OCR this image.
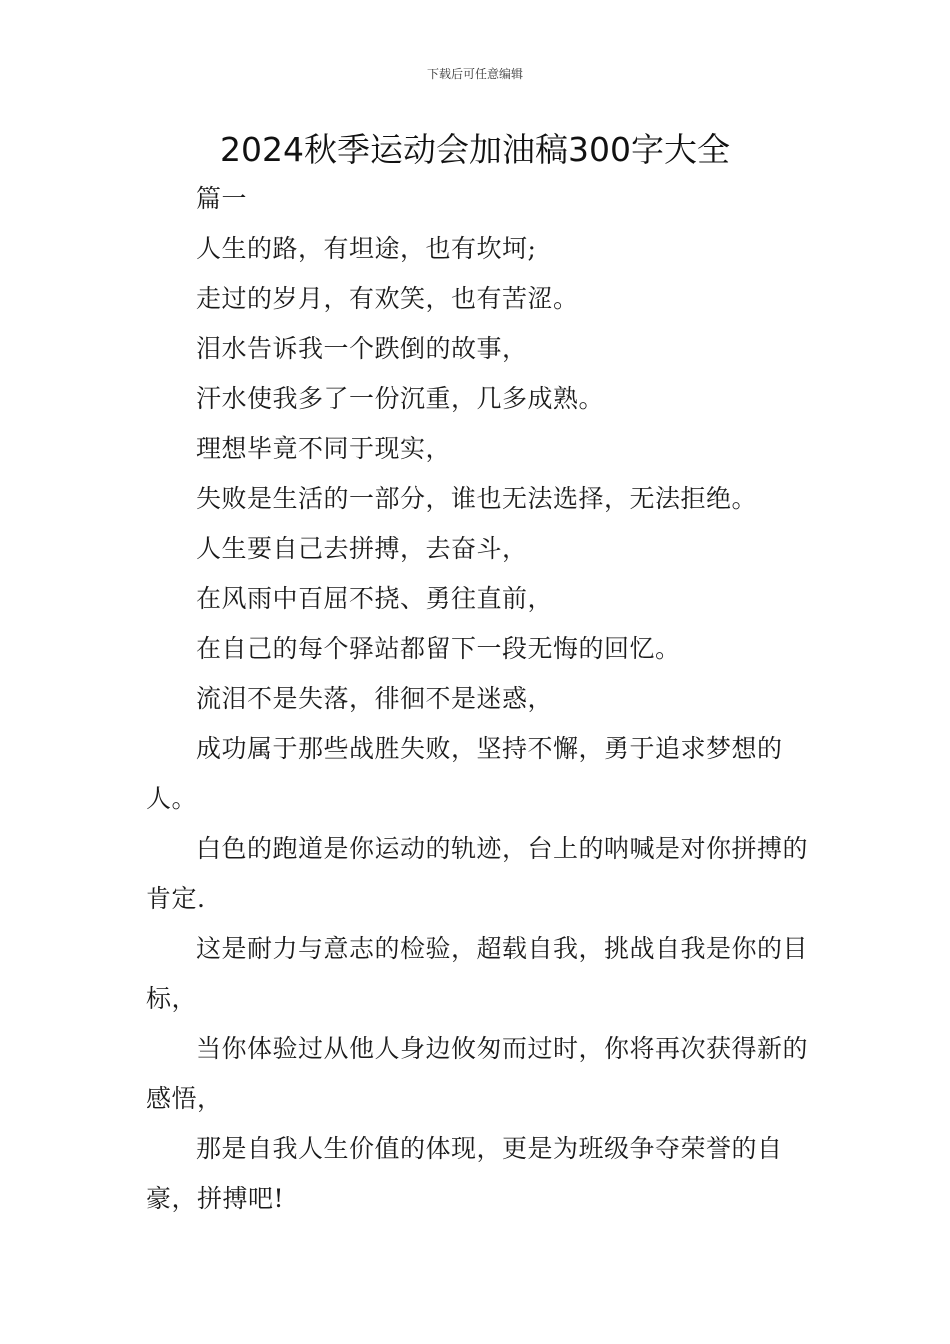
下载后可任意编辑
2024秋季运动会加油稿300字大全

篇一

人生的路，有坦途，也有坎坷;

走过的岁月，有欢笑，也有苦涩。

泪水告诉我一个跌倒的故事，

汗水使我多了一份沉重，几多成熟。

理想毕竟不同于现实，

失败是生活的一部分，谁也无法选择，无法拒绝。

人生要自己去拼搏，去奋斗，

在风雨中百屈不挠、勇往直前，

在自己的每个驿站都留下一段无悔的回忆。

流泪不是失落，徘徊不是迷惑，

成功属于那些战胜失败，坚持不懈，勇于追求梦想的人。

白色的跑道是你运动的轨迹，台上的呐喊是对你拼搏的肯定.

这是耐力与意志的检验，超载自我，挑战自我是你的目标，

当你体验过从他人身边攸匆而过时，你将再次获得新的感悟，

那是自我人生价值的体现，更是为班级争夺荣誉的自豪，拼搏吧!
